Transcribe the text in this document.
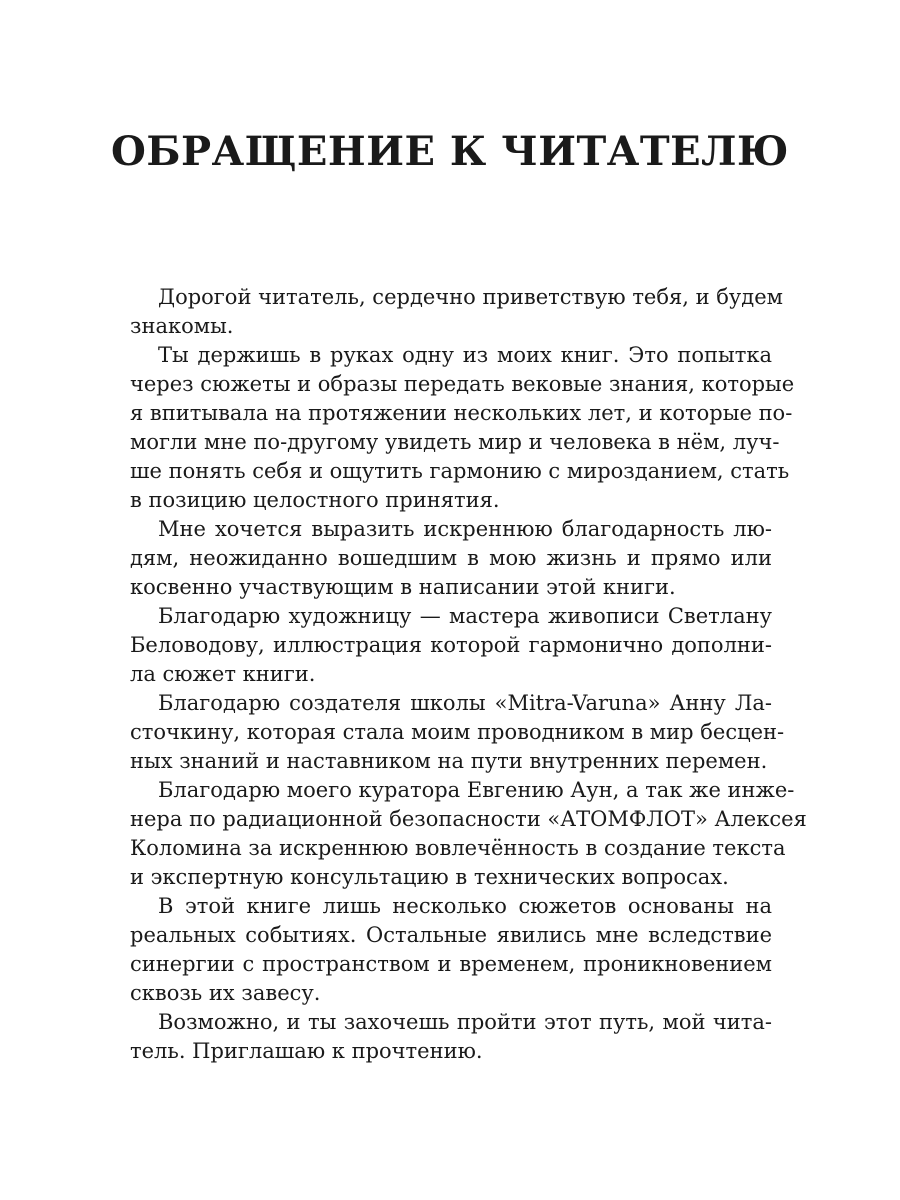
ОБРАЩЕНИЕ К ЧИТАТЕЛЮ
Дорогой читатель, сердечно приветствую тебя, и будем
знакомы.
Ты держишь в руках одну из моих книг. Это попытка
через сюжеты и образы передать вековые знания, которые
я впитывала на протяжении нескольких лет, и которые по-
могли мне по-другому увидеть мир и человека в нём, луч-
ше понять себя и ощутить гармонию с мирозданием, стать
в позицию целостного принятия.
Мне хочется выразить искреннюю благодарность лю-
дям, неожиданно вошедшим в мою жизнь и прямо или
косвенно участвующим в написании этой книги.
Благодарю художницу — мастера живописи Светлану
Беловодову, иллюстрация которой гармонично дополни-
ла сюжет книги.
Благодарю создателя школы «Mitra-Varuna» Анну Ла-
сточкину, которая стала моим проводником в мир бесцен-
ных знаний и наставником на пути внутренних перемен.
Благодарю моего куратора Евгению Аун, а так же инже-
нера по радиационной безопасности «АТОМФЛОТ» Алексея
Коломина за искреннюю вовлечённость в создание текста
и экспертную консультацию в технических вопросах.
В этой книге лишь несколько сюжетов основаны на
реальных событиях. Остальные явились мне вследствие
синергии с пространством и временем, проникновением
сквозь их завесу.
Возможно, и ты захочешь пройти этот путь, мой чита-
тель. Приглашаю к прочтению.
